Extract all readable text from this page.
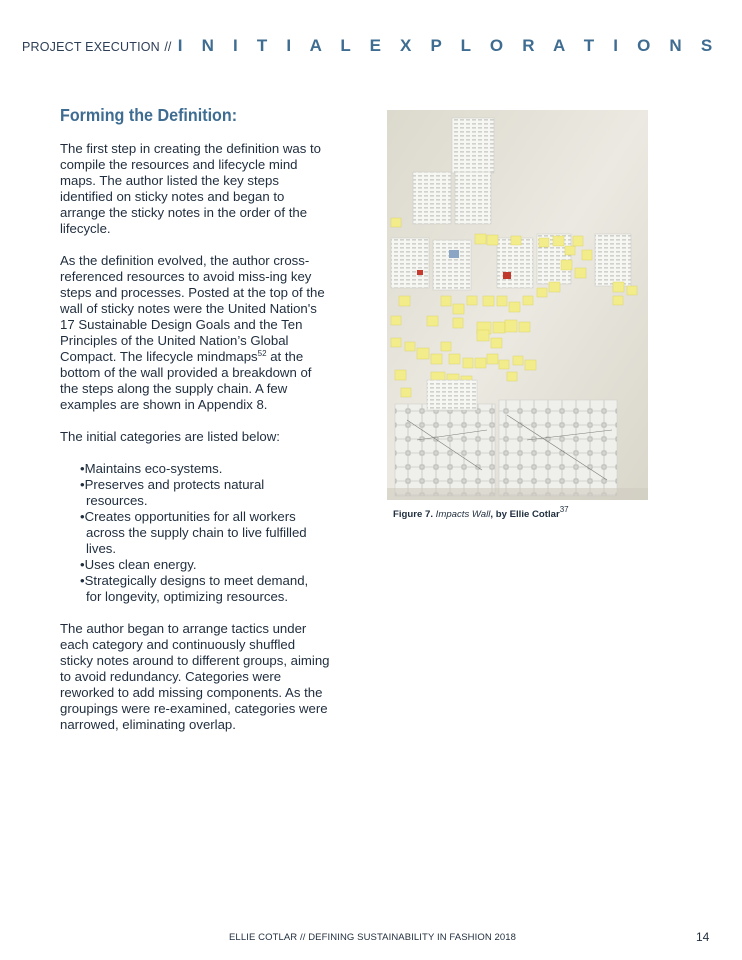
PROJECT EXECUTION // I N I T I A L E X P L O R A T I O N S
Forming the Definition:

The first step in creating the definition was to compile the resources and lifecycle mind maps. The author listed the key steps identified on sticky notes and began to arrange the sticky notes in the order of the lifecycle.

As the definition evolved, the author cross-referenced resources to avoid miss-ing key steps and processes. Posted at the top of the wall of sticky notes were the United Nation's 17 Sustainable Design Goals and the Ten Principles of the United Nation’s Global Compact. The lifecycle mindmaps$^{52}$ at the bottom of the wall provided a breakdown of the steps along the supply chain. A few examples are shown in Appendix 8.

The initial categories are listed below:

•Maintains eco-systems.
•Preserves and protects natural resources.
•Creates opportunities for all workers across the supply chain to live fulfilled lives.
•Uses clean energy.
•Strategically designs to meet demand, for longevity, optimizing resources.

The author began to arrange tactics under each category and continuously shuffled sticky notes around to different groups, aiming to avoid redundancy. Categories were reworked to add missing components. As the groupings were re-examined, categories were narrowed, eliminating overlap.

Figure 7. Impacts Wall, by Ellie Cotlar$^{37}$
ELLIE COTLAR // DEFINING SUSTAINABILITY IN FASHION 2018	14
